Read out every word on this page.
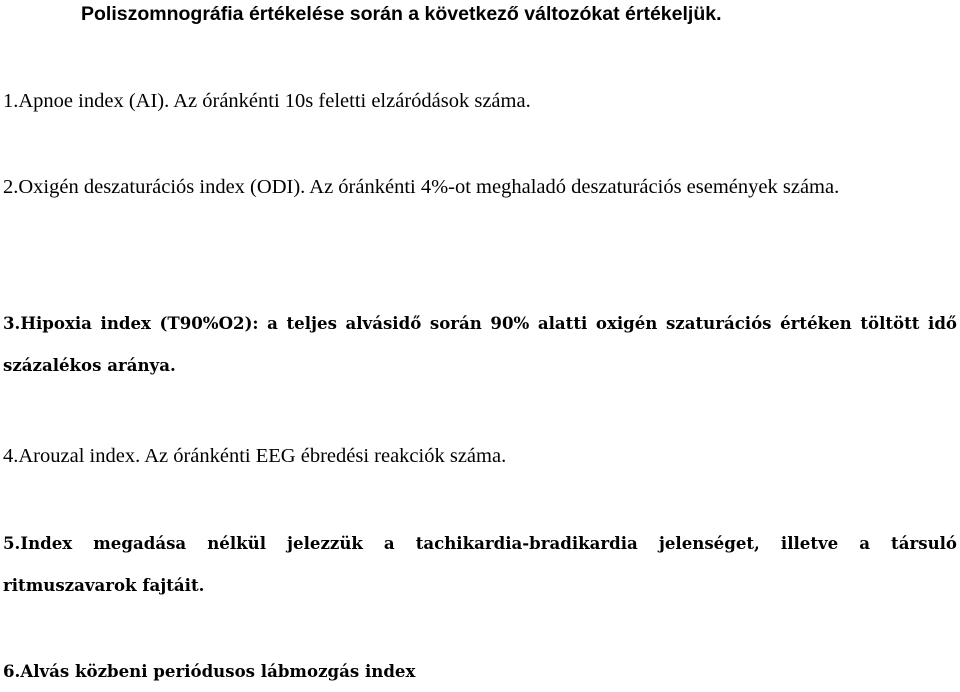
Poliszomnográfia értékelése során a következő változókat értékeljük.
1.Apnoe index (AI). Az óránkénti 10s feletti elzáródások száma.
2.Oxigén deszaturációs index (ODI). Az óránkénti 4%-ot meghaladó deszaturációs események száma.
3.Hipoxia index (T90%O2): a teljes alvásidő során 90% alatti oxigén szaturációs értéken töltött idő százalékos aránya.
4.Arouzal index. Az óránkénti EEG ébredési reakciók száma.
5.Index megadása nélkül jelezzük a tachikardia-bradikardia jelenséget, illetve a társuló ritmuszavarok fajtáit.
6.Alvás közbeni periódusos lábmozgás index
